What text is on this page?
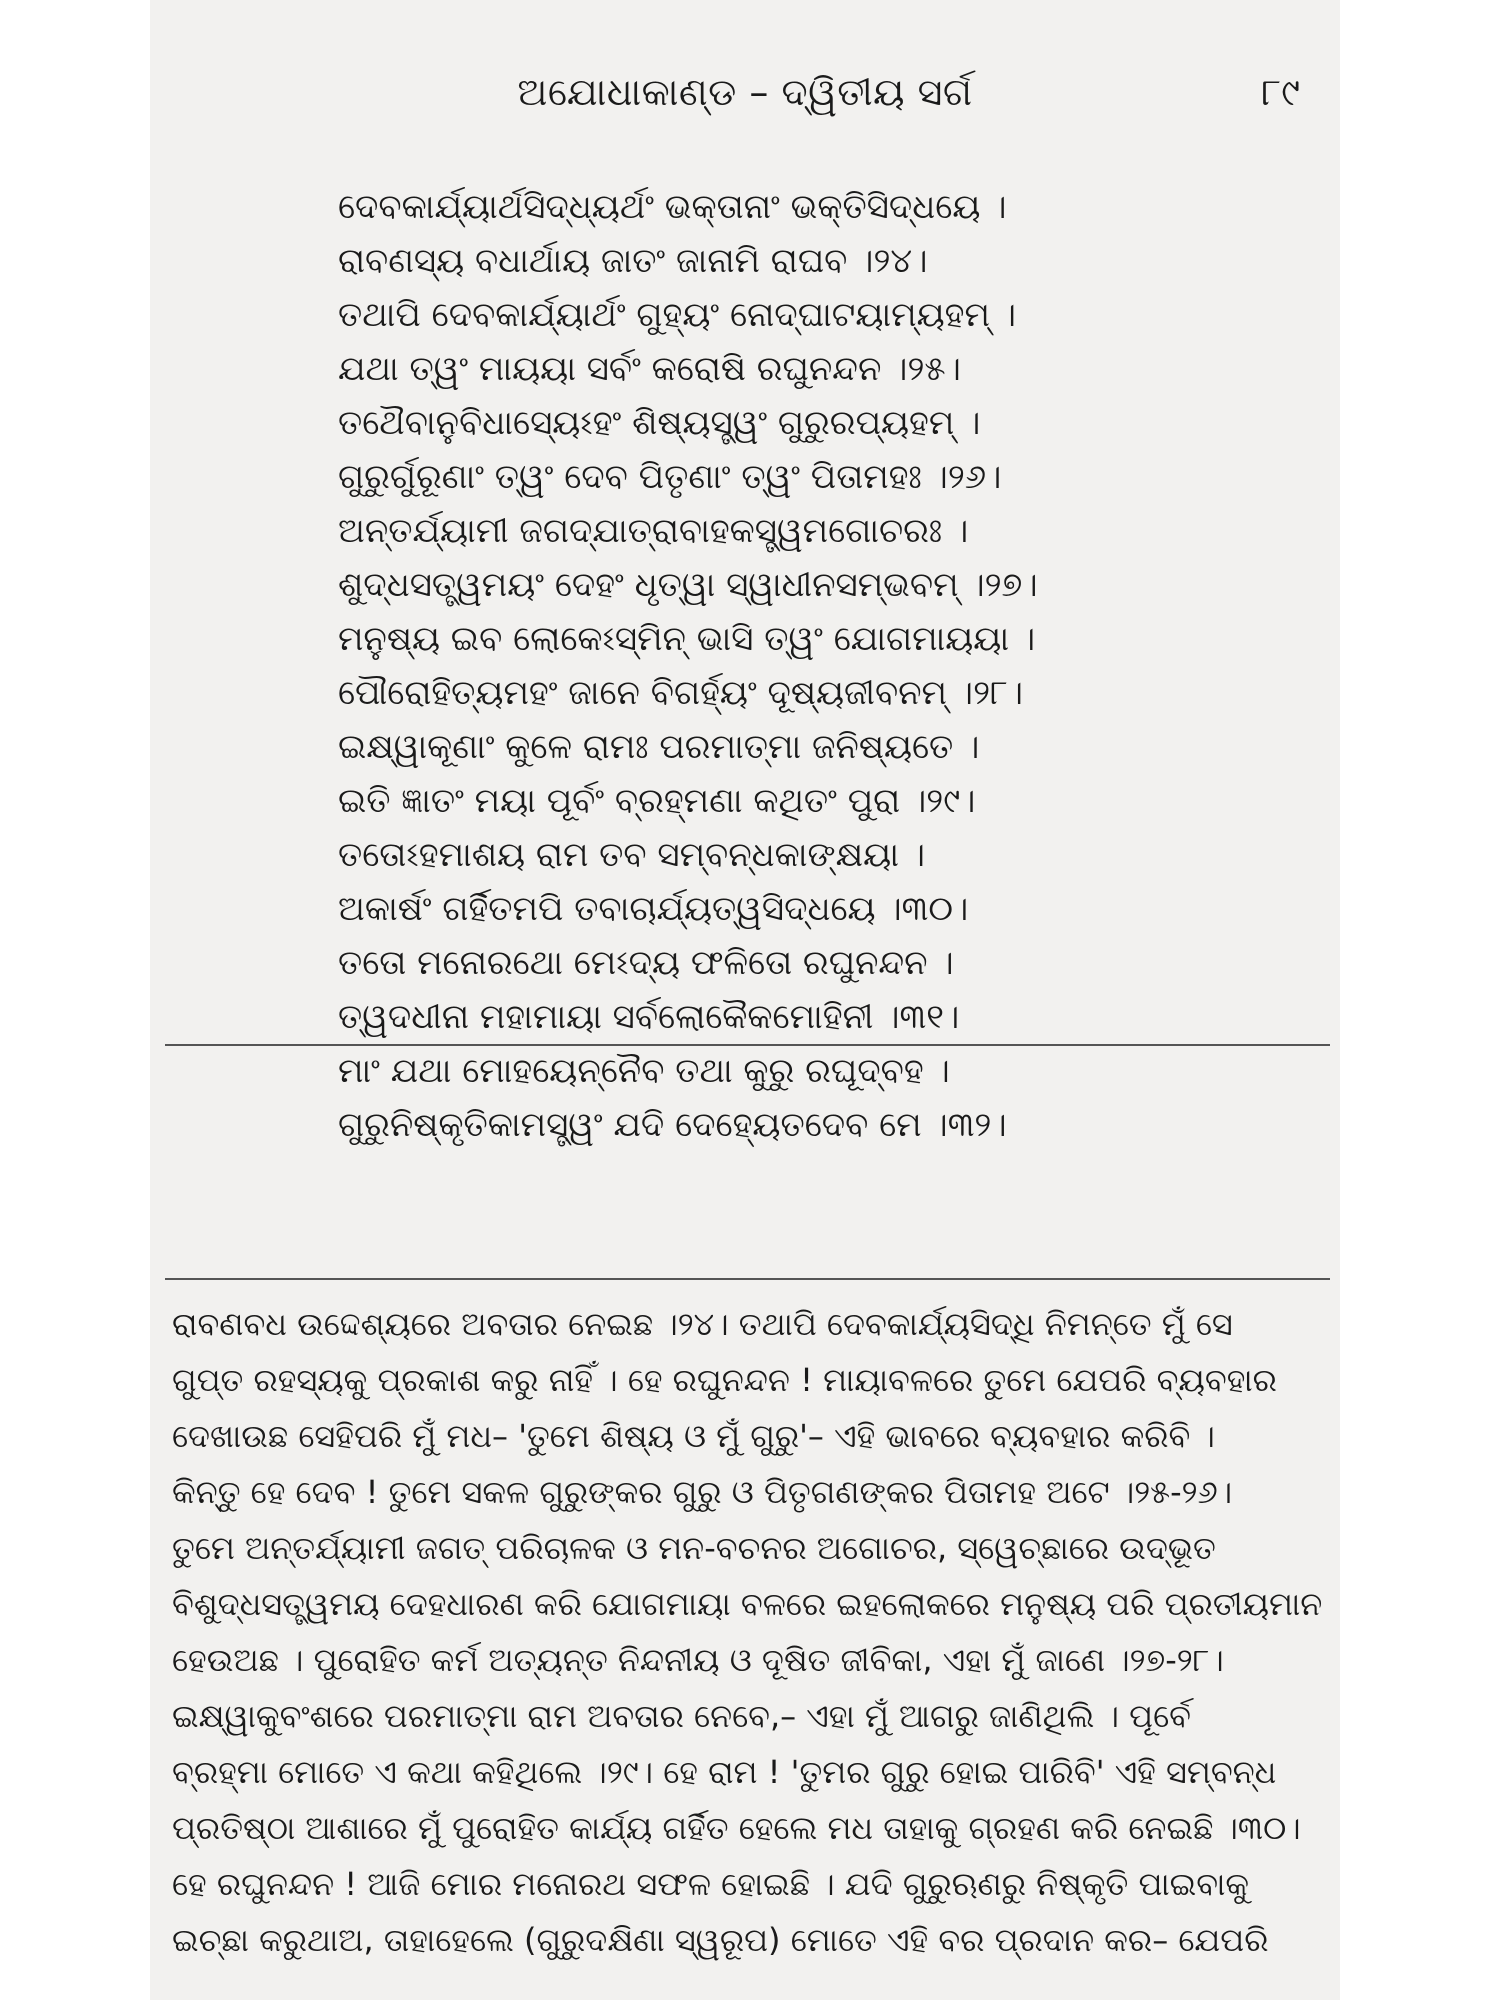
ଅଯୋଧାକାଣ୍ଡ – ଦ୍ୱିତୀୟ ସର୍ଗ	୮୯
ଦେବକାର୍ଯ୍ୟାର୍ଥସିଦ୍ଧ୍ୟର୍ଥଂ ଭକ୍ତାନାଂ ଭକ୍ତିସିଦ୍ଧୟେ ।
ରାବଣସ୍ୟ ବଧାର୍ଥାୟ ଜାତଂ ଜାନାମି ରାଘବ ।୨୪।
ତଥାପି ଦେବକାର୍ଯ୍ୟାର୍ଥଂ ଗୁହ୍ୟଂ ନୋଦ୍‌ଘାଟୟାମ୍ୟହମ୍ ।
ଯଥା ତ୍ୱଂ ମାୟୟା ସର୍ବଂ କରୋଷି ରଘୁନନ୍ଦନ ।୨୫।
ତଥୈବାନୁବିଧାସ୍ୟେଽହଂ ଶିଷ୍ୟସ୍ତ୍ୱଂ ଗୁରୁରପ୍ୟହମ୍ ।
ଗୁରୁର୍ଗୁରୂଣାଂ ତ୍ୱଂ ଦେବ ପିତୃଣାଂ ତ୍ୱଂ ପିତାମହଃ ।୨୬।
ଅନ୍ତର୍ଯ୍ୟାମୀ ଜଗଦ୍‌ଯାତ୍ରାବାହକସ୍ତ୍ୱମଗୋଚରଃ ।
ଶୁଦ୍ଧସତ୍ତ୍ୱମୟଂ ଦେହଂ ଧୃତ୍ୱା ସ୍ୱାଧୀନସମ୍ଭବମ୍ ।୨୭।
ମନୁଷ୍ୟ ଇବ ଲୋକେଽସ୍ମିନ୍ ଭାସି ତ୍ୱଂ ଯୋଗମାୟୟା ।
ପୌରୋହିତ୍ୟମହଂ ଜାନେ ବିଗର୍ହ୍ୟଂ ଦୂଷ୍ୟଜୀବନମ୍ ।୨୮।
ଇକ୍ଷ୍ୱାକୂଣାଂ କୁଳେ ରାମଃ ପରମାତ୍ମା ଜନିଷ୍ୟତେ ।
ଇତି ଜ୍ଞାତଂ ମୟା ପୂର୍ବଂ ବ୍ରହ୍ମଣା କଥିତଂ ପୁରା ।୨୯।
ତତୋଽହମାଶୟ ରାମ ତବ ସମ୍ବନ୍ଧକାଙ୍‌କ୍ଷୟା ।
ଅକାର୍ଷଂ ଗର୍ହିତମପି ତବାଚାର୍ଯ୍ୟତ୍ୱସିଦ୍ଧୟେ ।୩୦।
ତତୋ ମନୋରଥୋ ମେଽଦ୍ୟ ଫଳିତୋ ରଘୁନନ୍ଦନ ।
ତ୍ୱଦଧୀନା ମହାମାୟା ସର୍ବଲୋକୈକମୋହିନୀ ।୩୧।
ମାଂ ଯଥା ମୋହୟେନ୍ନୈବ ତଥା କୁରୁ ରଘୂଦ୍‌ବହ ।
ଗୁରୁନିଷ୍କୃତିକାମସ୍ତ୍ୱଂ ଯଦି ଦେହ୍ୟେତଦେବ ମେ ।୩୨।
ରାବଣବଧ ଉଦ୍ଦେଶ୍ୟରେ ଅବତାର ନେଇଛ ।୨୪। ତଥାପି ଦେବକାର୍ଯ୍ୟସିଦ୍ଧି ନିମନ୍ତେ ମୁଁ ସେ
ଗୁପ୍ତ ରହସ୍ୟକୁ ପ୍ରକାଶ କରୁ ନାହିଁ । ହେ ରଘୁନନ୍ଦନ ! ମାୟାବଳରେ ତୁମେ ଯେପରି ବ୍ୟବହାର
ଦେଖାଉଛ ସେହିପରି ମୁଁ ମଧ– 'ତୁମେ ଶିଷ୍ୟ ଓ ମୁଁ ଗୁରୁ'– ଏହି ଭାବରେ ବ୍ୟବହାର କରିବି ।
କିନ୍ତୁ ହେ ଦେବ ! ତୁମେ ସକଳ ଗୁରୁଙ୍କର ଗୁରୁ ଓ ପିତୃଗଣଙ୍କର ପିତାମହ ଅଟେ ।୨୫-୨୬।
ତୁମେ ଅନ୍ତର୍ଯ୍ୟାମୀ ଜଗତ୍ ପରିଚାଳକ ଓ ମନ-ବଚନର ଅଗୋଚର, ସ୍ୱେଚ୍ଛାରେ ଉଦ୍ଭୂତ
ବିଶୁଦ୍ଧସତ୍ତ୍ୱମୟ ଦେହଧାରଣ କରି ଯୋଗମାୟା ବଳରେ ଇହଲୋକରେ ମନୁଷ୍ୟ ପରି ପ୍ରତୀୟମାନ
ହେଉଅଛ । ପୁରୋହିତ କର୍ମ ଅତ୍ୟନ୍ତ ନିନ୍ଦନୀୟ ଓ ଦୂଷିତ ଜୀବିକା, ଏହା ମୁଁ ଜାଣେ ।୨୭-୨୮।
ଇକ୍ଷ୍ୱାକୁବଂଶରେ ପରମାତ୍ମା ରାମ ଅବତାର ନେବେ,– ଏହା ମୁଁ ଆଗରୁ ଜାଣିଥିଲି । ପୂର୍ବେ
ବ୍ରହ୍ମା ମୋତେ ଏ କଥା କହିଥିଲେ ।୨୯। ହେ ରାମ ! 'ତୁମର ଗୁରୁ ହୋଇ ପାରିବି' ଏହି ସମ୍ବନ୍ଧ
ପ୍ରତିଷ୍ଠା ଆଶାରେ ମୁଁ ପୁରୋହିତ କାର୍ଯ୍ୟ ଗର୍ହିତ ହେଲେ ମଧ ତାହାକୁ ଗ୍ରହଣ କରି ନେଇଛି ।୩୦।
ହେ ରଘୁନନ୍ଦନ ! ଆଜି ମୋର ମନୋରଥ ସଫଳ ହୋଇଛି । ଯଦି ଗୁରୁଋଣରୁ ନିଷ୍କୃତି ପାଇବାକୁ
ଇଚ୍ଛା କରୁଥାଅ, ତାହାହେଲେ (ଗୁରୁଦକ୍ଷିଣା ସ୍ୱରୂପ) ମୋତେ ଏହି ବର ପ୍ରଦାନ କର– ଯେପରି
